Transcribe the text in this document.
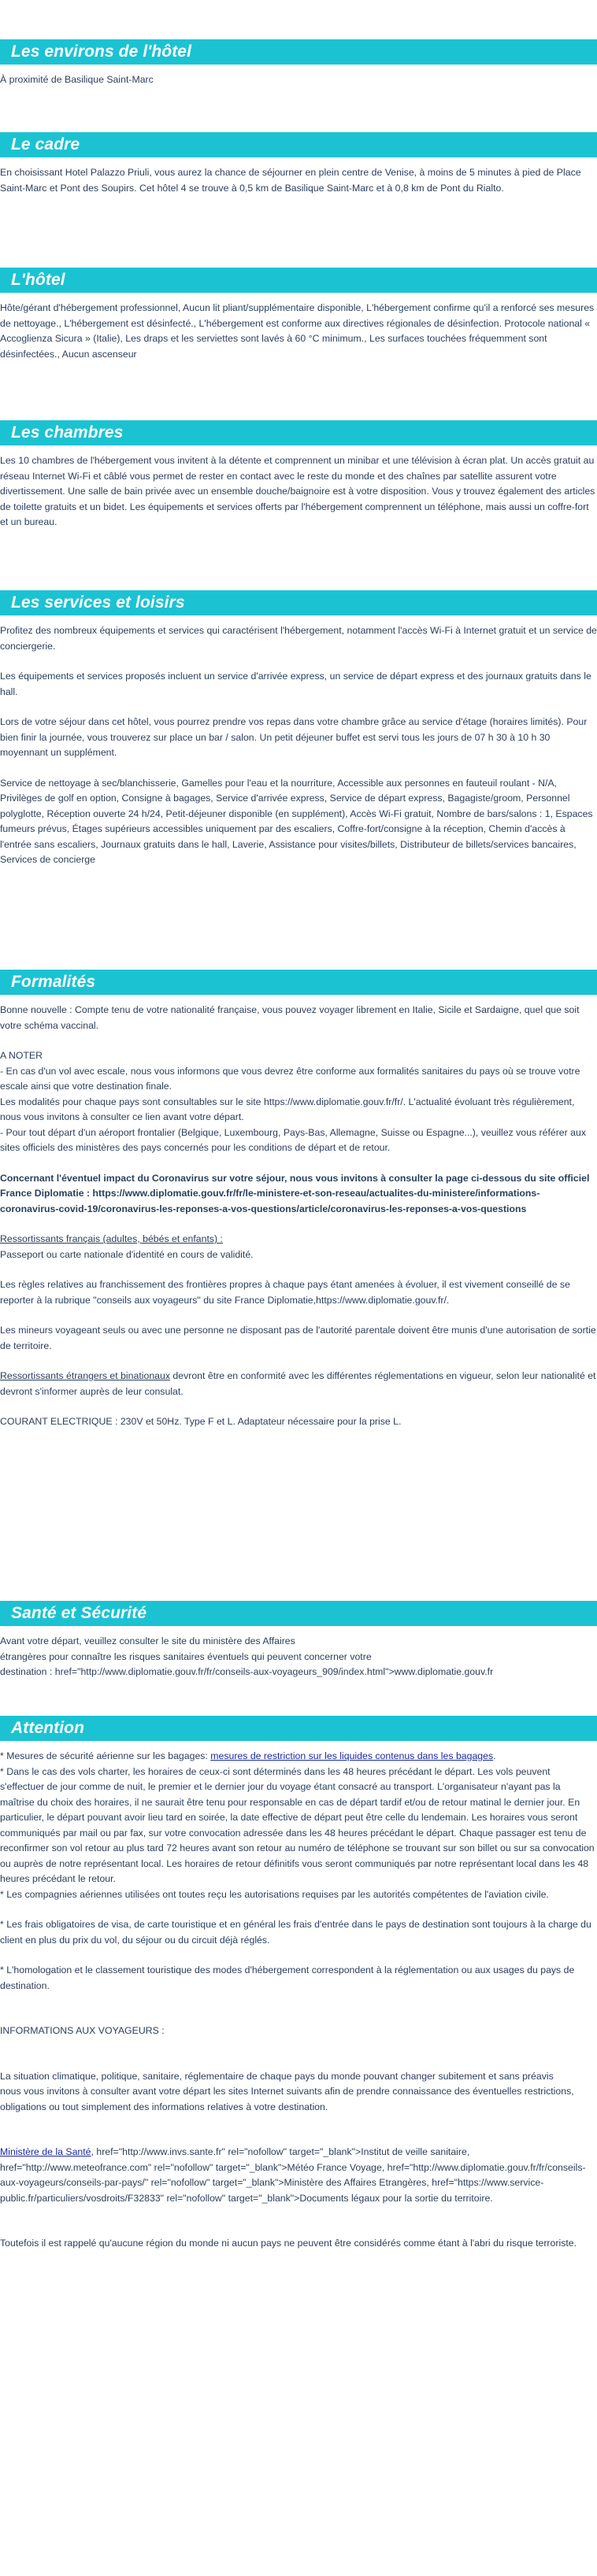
Les environs de l'hôtel

À proximité de Basilique Saint-Marc

Le cadre

En choisissant Hotel Palazzo Priuli, vous aurez la chance de séjourner en plein centre de Venise, à moins de 5 minutes à pied de Place Saint-Marc et Pont des Soupirs. Cet hôtel 4 se trouve à 0,5 km de Basilique Saint-Marc et à 0,8 km de Pont du Rialto.

L'hôtel

Hôte/gérant d'hébergement professionnel, Aucun lit pliant/supplémentaire disponible, L'hébergement confirme qu'il a renforcé ses mesures de nettoyage., L'hébergement est désinfecté., L'hébergement est conforme aux directives régionales de désinfection. Protocole national « Accoglienza Sicura » (Italie), Les draps et les serviettes sont lavés à 60 °C minimum., Les surfaces touchées fréquemment sont désinfectées., Aucun ascenseur

Les chambres

Les 10 chambres de l'hébergement vous invitent à la détente et comprennent un minibar et une télévision à écran plat. Un accès gratuit au réseau Internet Wi-Fi et câblé vous permet de rester en contact avec le reste du monde et des chaînes par satellite assurent votre divertissement. Une salle de bain privée avec un ensemble douche/baignoire est à votre disposition. Vous y trouvez également des articles de toilette gratuits et un bidet. Les équipements et services offerts par l'hébergement comprennent un téléphone, mais aussi un coffre-fort et un bureau.

Les services et loisirs

Profitez des nombreux équipements et services qui caractérisent l'hébergement, notamment l'accès Wi-Fi à Internet gratuit et un service de conciergerie.

Les équipements et services proposés incluent un service d'arrivée express, un service de départ express et des journaux gratuits dans le hall.

Lors de votre séjour dans cet hôtel, vous pourrez prendre vos repas dans votre chambre grâce au service d'étage (horaires limités). Pour bien finir la journée, vous trouverez sur place un bar / salon. Un petit déjeuner buffet est servi tous les jours de 07 h 30 à 10 h 30 moyennant un supplément.

Service de nettoyage à sec/blanchisserie, Gamelles pour l'eau et la nourriture, Accessible aux personnes en fauteuil roulant - N/A, Privilèges de golf en option, Consigne à bagages, Service d'arrivée express, Service de départ express, Bagagiste/groom, Personnel polyglotte, Réception ouverte 24 h/24, Petit-déjeuner disponible (en supplément), Accès Wi-Fi gratuit, Nombre de bars/salons : 1, Espaces fumeurs prévus, Étages supérieurs accessibles uniquement par des escaliers, Coffre-fort/consigne à la réception, Chemin d'accès à l'entrée sans escaliers, Journaux gratuits dans le hall, Laverie, Assistance pour visites/billets, Distributeur de billets/services bancaires, Services de concierge

Formalités

Bonne nouvelle : Compte tenu de votre nationalité française, vous pouvez voyager librement en Italie, Sicile et Sardaigne, quel que soit votre schéma vaccinal.

A NOTER

- En cas d'un vol avec escale, nous vous informons que vous devrez être conforme aux formalités sanitaires du pays où se trouve votre escale ainsi que votre destination finale.

Les modalités pour chaque pays sont consultables sur le site https://www.diplomatie.gouv.fr/fr/. L'actualité évoluant très régulièrement, nous vous invitons à consulter ce lien avant votre départ.

- Pour tout départ d'un aéroport frontalier (Belgique, Luxembourg, Pays-Bas, Allemagne, Suisse ou Espagne...), veuillez vous référer aux sites officiels des ministères des pays concernés pour les conditions de départ et de retour.

Concernant l'éventuel impact du Coronavirus sur votre séjour, nous vous invitons à consulter la page ci-dessous du site officiel France Diplomatie : https://www.diplomatie.gouv.fr/fr/le-ministere-et-son-reseau/actualites-du-ministere/informations-coronavirus-covid-19/coronavirus-les-reponses-a-vos-questions/article/coronavirus-les-reponses-a-vos-questions

Ressortissants français (adultes, bébés et enfants) :

Passeport ou carte nationale d'identité en cours de validité.

Les règles relatives au franchissement des frontières propres à chaque pays étant amenées à évoluer, il est vivement conseillé de se reporter à la rubrique "conseils aux voyageurs" du site France Diplomatie,https://www.diplomatie.gouv.fr/.

Les mineurs voyageant seuls ou avec une personne ne disposant pas de l'autorité parentale doivent être munis d'une autorisation de sortie de territoire.

Ressortissants étrangers et binationaux devront être en conformité avec les différentes réglementations en vigueur, selon leur nationalité et devront s'informer auprès de leur consulat.

COURANT ELECTRIQUE : 230V et 50Hz. Type F et L. Adaptateur nécessaire pour la prise L.

Santé et Sécurité

Avant votre départ, veuillez consulter le site du ministère des Affaires

étrangères pour connaître les risques sanitaires éventuels qui peuvent concerner votre

destination : href="http://www.diplomatie.gouv.fr/fr/conseils-aux-voyageurs_909/index.html">www.diplomatie.gouv.fr

Attention

* Mesures de sécurité aérienne sur les bagages: mesures de restriction sur les liquides contenus dans les bagages.

* Dans le cas des vols charter, les horaires de ceux-ci sont déterminés dans les 48 heures précédant le départ. Les vols peuvent s'effectuer de jour comme de nuit, le premier et le dernier jour du voyage étant consacré au transport. L'organisateur n'ayant pas la maîtrise du choix des horaires, il ne saurait être tenu pour responsable en cas de départ tardif et/ou de retour matinal le dernier jour. En particulier, le départ pouvant avoir lieu tard en soirée, la date effective de départ peut être celle du lendemain. Les horaires vous seront communiqués par mail ou par fax, sur votre convocation adressée dans les 48 heures précédant le départ. Chaque passager est tenu de reconfirmer son vol retour au plus tard 72 heures avant son retour au numéro de téléphone se trouvant sur son billet ou sur sa convocation ou auprès de notre représentant local. Les horaires de retour définitifs vous seront communiqués par notre représentant local dans les 48 heures précédant le retour.

* Les compagnies aériennes utilisées ont toutes reçu les autorisations requises par les autorités compétentes de l'aviation civile.

* Les frais obligatoires de visa, de carte touristique et en général les frais d'entrée dans le pays de destination sont toujours à la charge du client en plus du prix du vol, du séjour ou du circuit déjà réglés.

* L'homologation et le classement touristique des modes d'hébergement correspondent à la réglementation ou aux usages du pays de destination.

INFORMATIONS AUX VOYAGEURS :

La situation climatique, politique, sanitaire, réglementaire de chaque pays du monde pouvant changer subitement et sans préavis

nous vous invitons à consulter avant votre départ les sites Internet suivants afin de prendre connaissance des éventuelles restrictions, obligations ou tout simplement des informations relatives à votre destination.

Ministère de la Santé, href="http://www.invs.sante.fr" rel="nofollow" target="_blank">Institut de veille sanitaire, href="http://www.meteofrance.com" rel="nofollow" target="_blank">Météo France Voyage, href="http://www.diplomatie.gouv.fr/fr/conseils-aux-voyageurs/conseils-par-pays/" rel="nofollow" target="_blank">Ministère des Affaires Etrangères, href="https://www.service-public.fr/particuliers/vosdroits/F32833" rel="nofollow" target="_blank">Documents légaux pour la sortie du territoire.

Toutefois il est rappelé qu'aucune région du monde ni aucun pays ne peuvent être considérés comme étant à l'abri du risque terroriste.
